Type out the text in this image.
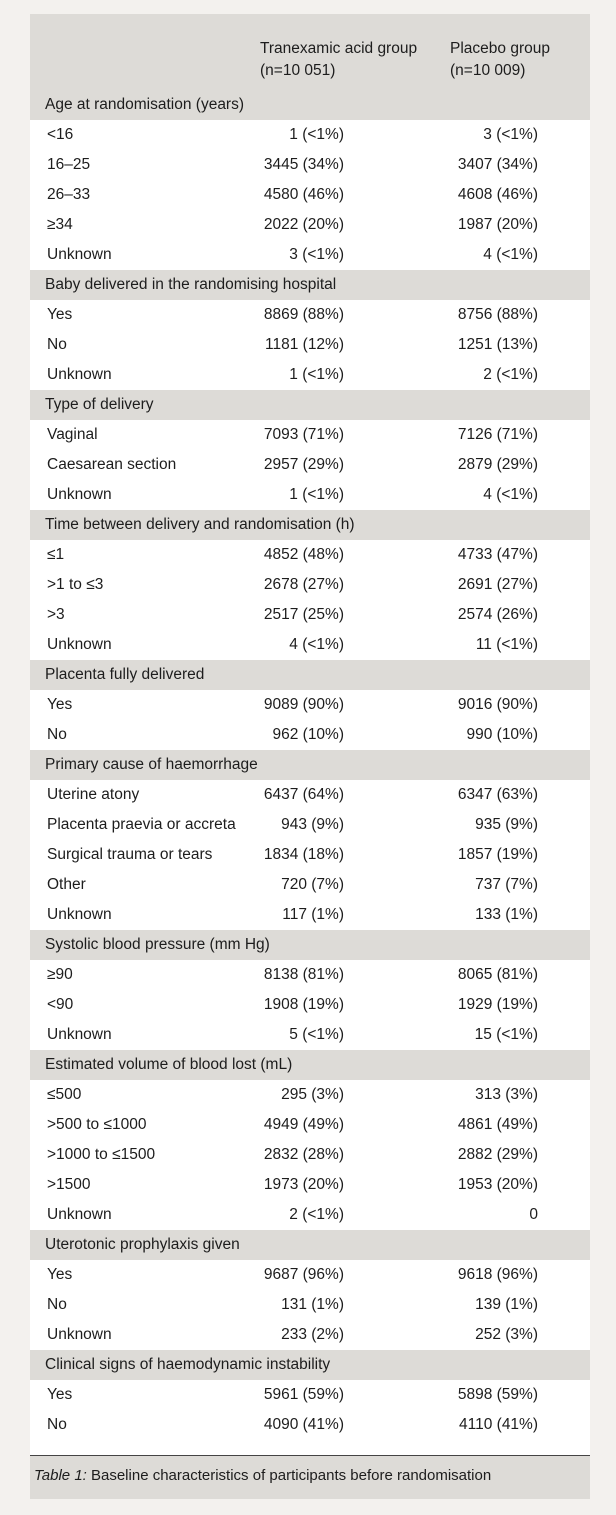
Tranexamic acid group
(n=10 051)
Placebo group
(n=10 009)
Age at randomisation (years)
<16	1 (<1%)	3 (<1%)
16–25	3445 (34%)	3407 (34%)
26–33	4580 (46%)	4608 (46%)
≥34	2022 (20%)	1987 (20%)
Unknown	3 (<1%)	4 (<1%)
Baby delivered in the randomising hospital
Yes	8869 (88%)	8756 (88%)
No	1181 (12%)	1251 (13%)
Unknown	1 (<1%)	2 (<1%)
Type of delivery
Vaginal	7093 (71%)	7126 (71%)
Caesarean section	2957 (29%)	2879 (29%)
Unknown	1 (<1%)	4 (<1%)
Time between delivery and randomisation (h)
≤1	4852 (48%)	4733 (47%)
>1 to ≤3	2678 (27%)	2691 (27%)
>3	2517 (25%)	2574 (26%)
Unknown	4 (<1%)	11 (<1%)
Placenta fully delivered
Yes	9089 (90%)	9016 (90%)
No	962 (10%)	990 (10%)
Primary cause of haemorrhage
Uterine atony	6437 (64%)	6347 (63%)
Placenta praevia or accreta	943 (9%)	935 (9%)
Surgical trauma or tears	1834 (18%)	1857 (19%)
Other	720 (7%)	737 (7%)
Unknown	117 (1%)	133 (1%)
Systolic blood pressure (mm Hg)
≥90	8138 (81%)	8065 (81%)
<90	1908 (19%)	1929 (19%)
Unknown	5 (<1%)	15 (<1%)
Estimated volume of blood lost (mL)
≤500	295 (3%)	313 (3%)
>500 to ≤1000	4949 (49%)	4861 (49%)
>1000 to ≤1500	2832 (28%)	2882 (29%)
>1500	1973 (20%)	1953 (20%)
Unknown	2 (<1%)	0
Uterotonic prophylaxis given
Yes	9687 (96%)	9618 (96%)
No	131 (1%)	139 (1%)
Unknown	233 (2%)	252 (3%)
Clinical signs of haemodynamic instability
Yes	5961 (59%)	5898 (59%)
No	4090 (41%)	4110 (41%)
Table 1: Baseline characteristics of participants before randomisation
